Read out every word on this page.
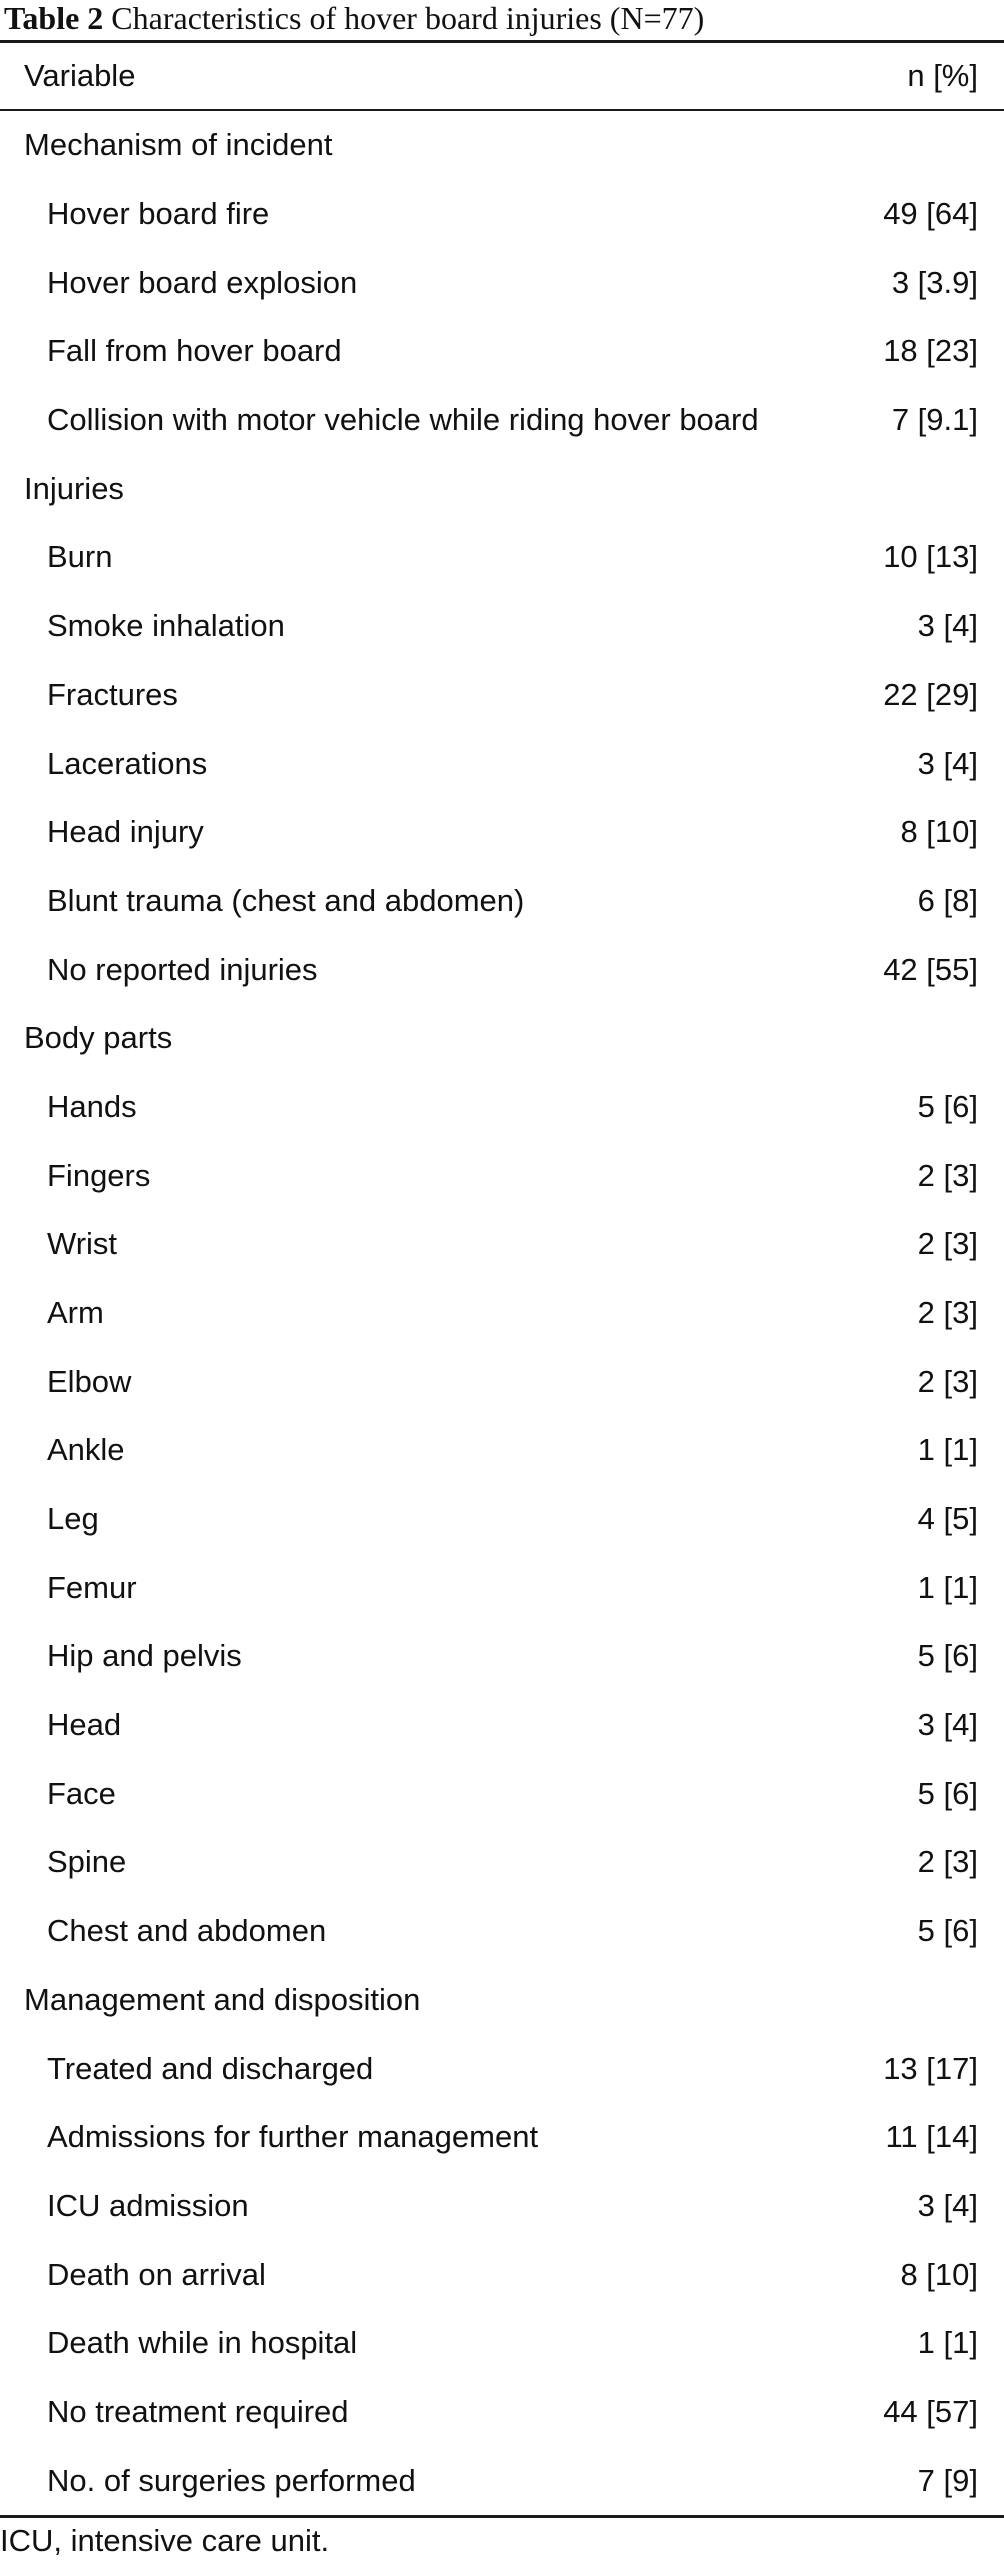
Table 2 Characteristics of hover board injuries (N=77)
Variable	n [%]
Mechanism of incident
Hover board fire	49 [64]
Hover board explosion	3 [3.9]
Fall from hover board	18 [23]
Collision with motor vehicle while riding hover board	7 [9.1]
Injuries
Burn	10 [13]
Smoke inhalation	3 [4]
Fractures	22 [29]
Lacerations	3 [4]
Head injury	8 [10]
Blunt trauma (chest and abdomen)	6 [8]
No reported injuries	42 [55]
Body parts
Hands	5 [6]
Fingers	2 [3]
Wrist	2 [3]
Arm	2 [3]
Elbow	2 [3]
Ankle	1 [1]
Leg	4 [5]
Femur	1 [1]
Hip and pelvis	5 [6]
Head	3 [4]
Face	5 [6]
Spine	2 [3]
Chest and abdomen	5 [6]
Management and disposition
Treated and discharged	13 [17]
Admissions for further management	11 [14]
ICU admission	3 [4]
Death on arrival	8 [10]
Death while in hospital	1 [1]
No treatment required	44 [57]
No. of surgeries performed	7 [9]
ICU, intensive care unit.
